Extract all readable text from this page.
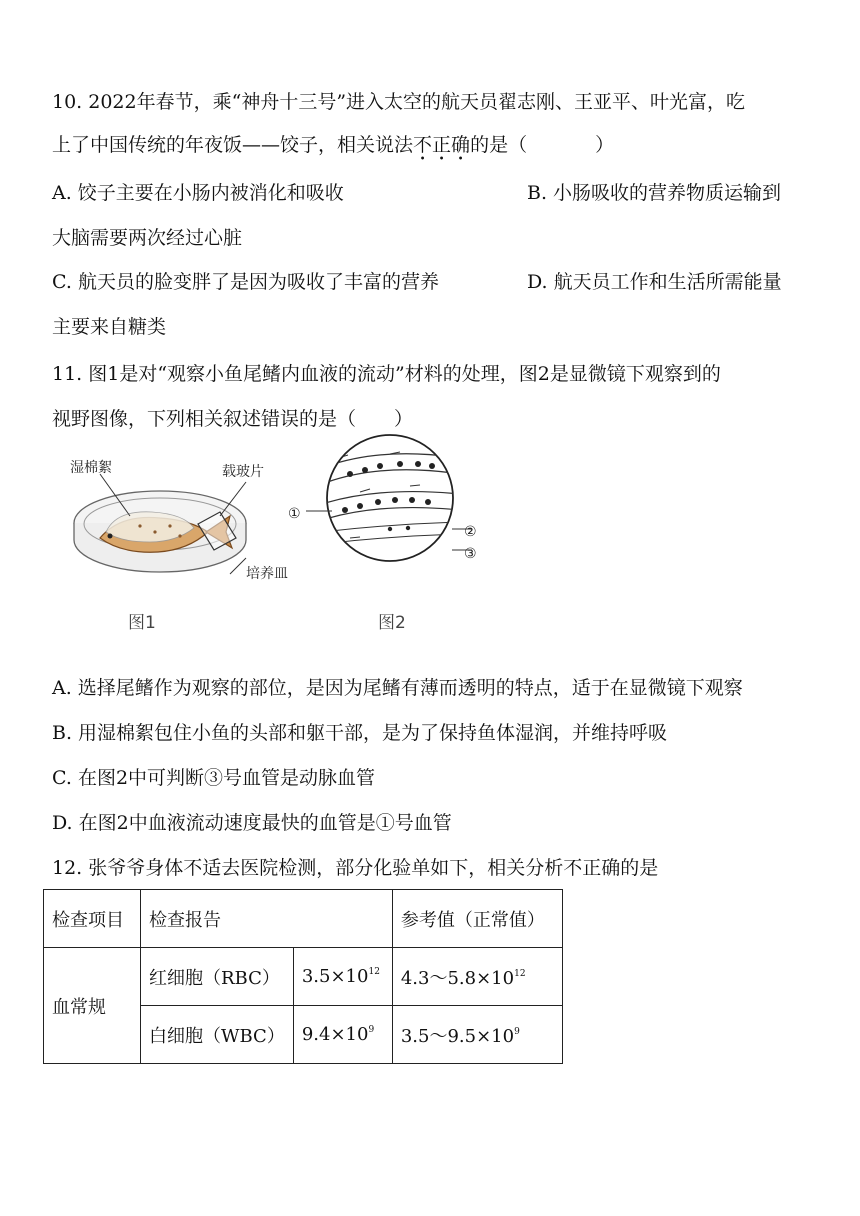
10. 2022年春节，乘“神舟十三号”进入太空的航天员翟志刚、王亚平、叶光富，吃
上了中国传统的年夜饭——饺子，相关说法不正确的是（	）
A. 饺子主要在小肠内被消化和吸收	B. 小肠吸收的营养物质运输到
大脑需要两次经过心脏
C. 航天员的脸变胖了是因为吸收了丰富的营养	D. 航天员工作和生活所需能量
主要来自糖类
11. 图1是对“观察小鱼尾鳍内血液的流动”材料的处理，图2是显微镜下观察到的
视野图像，下列相关叙述错误的是（　　）
湿棉絮	载玻片
培养皿
图1
①
②
③
图2
A. 选择尾鳍作为观察的部位，是因为尾鳍有薄而透明的特点，适于在显微镜下观察
B. 用湿棉絮包住小鱼的头部和躯干部，是为了保持鱼体湿润，并维持呼吸
C. 在图2中可判断③号血管是动脉血管
D. 在图2中血液流动速度最快的血管是①号血管
12. 张爷爷身体不适去医院检测，部分化验单如下，相关分析不正确的是
检查项目	检查报告		参考值（正常值）
血常规	红细胞（RBC）	$3.5\times 10^{12}$	$4.3\sim 5.8\times 10^{12}$
	白细胞（WBC）	$9.4\times 10^9$	$3.5\sim 9.5\times 10^9$
